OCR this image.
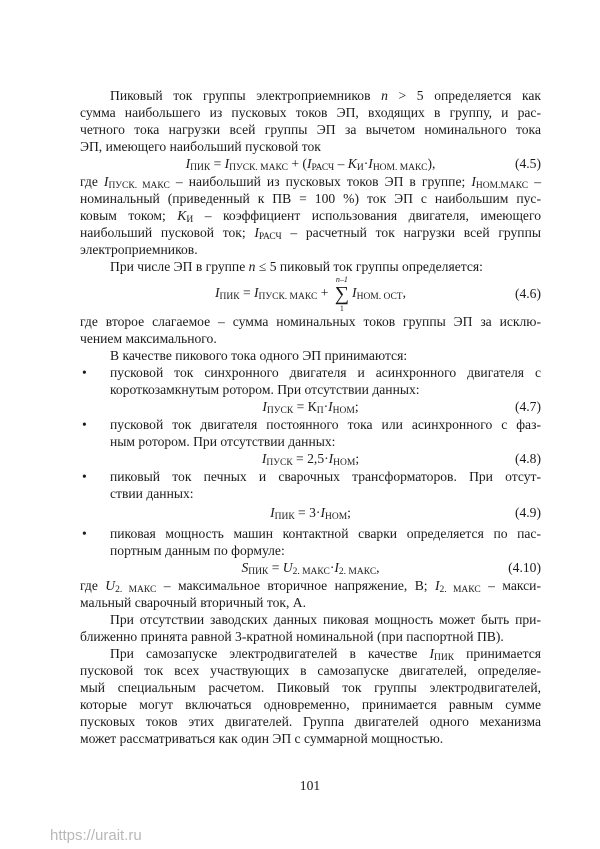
Пиковый ток группы электроприемников n > 5 определяется как
сумма наибольшего из пусковых токов ЭП, входящих в группу, и рас-
четного тока нагрузки всей группы ЭП за вычетом номинального тока
ЭП, имеющего наибольший пусковой ток
$I_{ПИК} = I_{ПУСК. МАКС} + (I_{РАСЧ} - K_И\cdot I_{НОМ. МАКС})$,	(4.5)
где $I_{ПУСК. МАКС}$ – наибольший из пусковых токов ЭП в группе; $I_{НОМ.МАКС}$ –
номинальный (приведенный к ПВ = 100 %) ток ЭП с наибольшим пус-
ковым током; $K_И$ – коэффициент использования двигателя, имеющего
наибольший пусковой ток; $I_{РАСЧ}$ – расчетный ток нагрузки всей группы
электроприемников.
При числе ЭП в группе n ≤ 5 пиковый ток группы определяется:
$I_{ПИК} = I_{ПУСК. МАКС}$ +
n–1
∑
1
$I_{НОМ. ОСТ}$,	(4.6)
где второе слагаемое – сумма номинальных токов группы ЭП за исклю-
чением максимального.
В качестве пикового тока одного ЭП принимаются:
• пусковой ток синхронного двигателя и асинхронного двигателя с
короткозамкнутым ротором. При отсутствии данных:
$I_{ПУСК} = К_П\cdot I_{НОМ}$;	(4.7)
• пусковой ток двигателя постоянного тока или асинхронного с фаз-
ным ротором. При отсутствии данных:
$I_{ПУСК} = 2,5\cdot I_{НОМ}$;	(4.8)
• пиковый ток печных и сварочных трансформаторов. При отсут-
ствии данных:
$I_{ПИК} = 3\cdot I_{НОМ}$;	(4.9)
• пиковая мощность машин контактной сварки определяется по пас-
портным данным по формуле:
$S_{ПИК} = U_{2. МАКС}\cdot I_{2. МАКС}$,	(4.10)
где $U_{2. МАКС}$ – максимальное вторичное напряжение, В; $I_{2. МАКС}$ – макси-
мальный сварочный вторичный ток, А.
При отсутствии заводских данных пиковая мощность может быть при-
ближенно принята равной 3-кратной номинальной (при паспортной ПВ).
При самозапуске электродвигателей в качестве $I_{ПИК}$ принимается
пусковой ток всех участвующих в самозапуске двигателей, определяе-
мый специальным расчетом. Пиковый ток группы электродвигателей,
которые могут включаться одновременно, принимается равным сумме
пусковых токов этих двигателей. Группа двигателей одного механизма
может рассматриваться как один ЭП с суммарной мощностью.
101
https://urait.ru
